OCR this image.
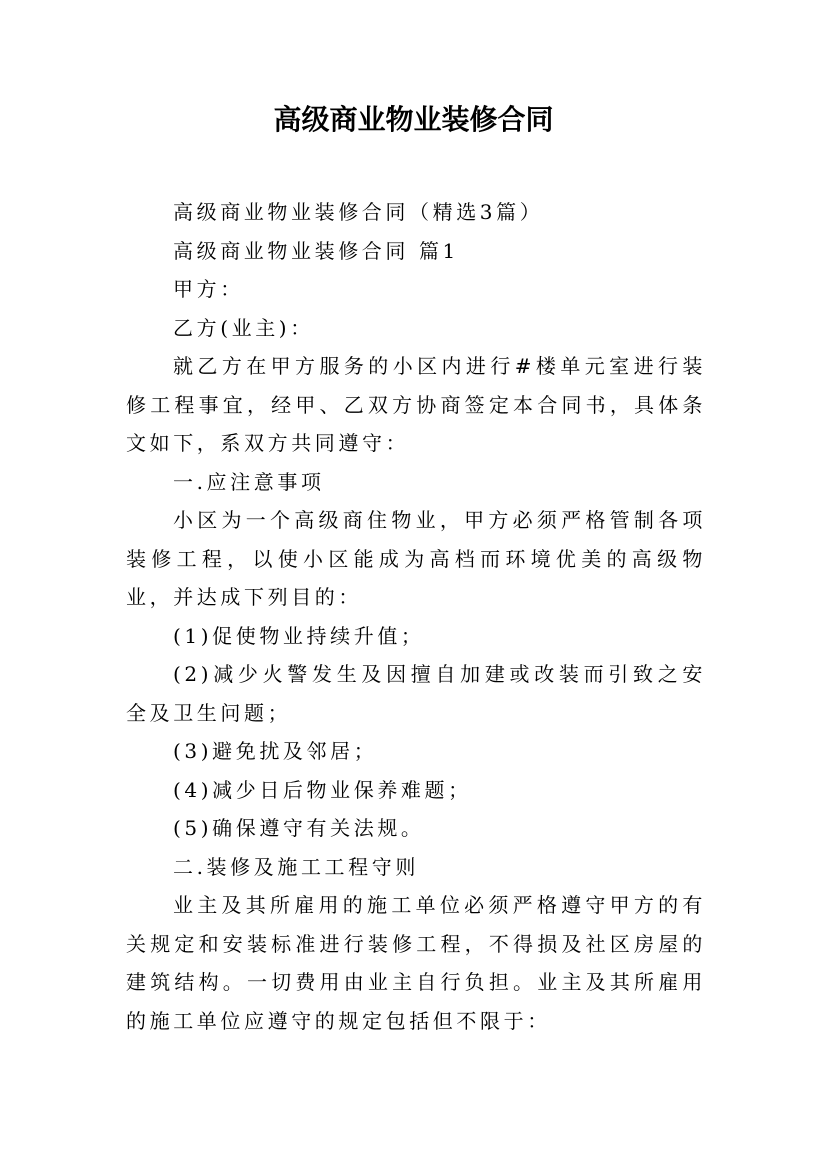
高级商业物业装修合同

高级商业物业装修合同（精选3篇）

高级商业物业装修合同 篇1

甲方：

乙方(业主)：

就乙方在甲方服务的小区内进行#楼单元室进行装修工程事宜，经甲、乙双方协商签定本合同书，具体条文如下，系双方共同遵守：

一.应注意事项

小区为一个高级商住物业，甲方必须严格管制各项装修工程，以使小区能成为高档而环境优美的高级物业，并达成下列目的：

(1)促使物业持续升值；

(2)减少火警发生及因擅自加建或改装而引致之安全及卫生问题；

(3)避免扰及邻居；

(4)减少日后物业保养难题；

(5)确保遵守有关法规。

二.装修及施工工程守则

业主及其所雇用的施工单位必须严格遵守甲方的有关规定和安装标准进行装修工程，不得损及社区房屋的建筑结构。一切费用由业主自行负担。业主及其所雇用的施工单位应遵守的规定包括但不限于：
